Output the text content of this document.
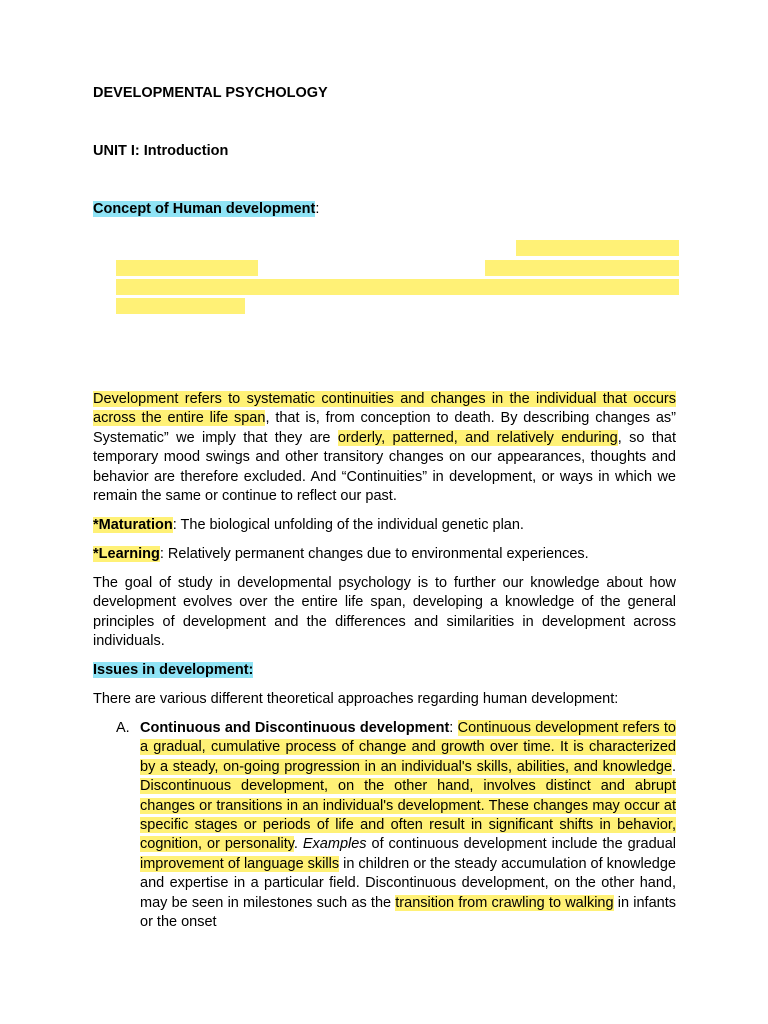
DEVELOPMENTAL PSYCHOLOGY
UNIT I: Introduction
Concept of Human development:

Development refers to systematic continuities and changes in the individual that occurs across the entire life span, that is, from conception to death. By describing changes as” Systematic” we imply that they are orderly, patterned, and relatively enduring, so that temporary mood swings and other transitory changes on our appearances, thoughts and behavior are therefore excluded. And “Continuities” in development, or ways in which we remain the same or continue to reflect our past.

*Maturation: The biological unfolding of the individual genetic plan.

*Learning: Relatively permanent changes due to environmental experiences.

The goal of study in developmental psychology is to further our knowledge about how development evolves over the entire life span, developing a knowledge of the general principles of development and the differences and similarities in development across individuals.

Issues in development:

There are various different theoretical approaches regarding human development:

A. Continuous and Discontinuous development: Continuous development refers to a gradual, cumulative process of change and growth over time. It is characterized by a steady, on-going progression in an individual's skills, abilities, and knowledge. Discontinuous development, on the other hand, involves distinct and abrupt changes or transitions in an individual's development. These changes may occur at specific stages or periods of life and often result in significant shifts in behavior, cognition, or personality. Examples of continuous development include the gradual improvement of language skills in children or the steady accumulation of knowledge and expertise in a particular field. Discontinuous development, on the other hand, may be seen in milestones such as the transition from crawling to walking in infants or the onset
